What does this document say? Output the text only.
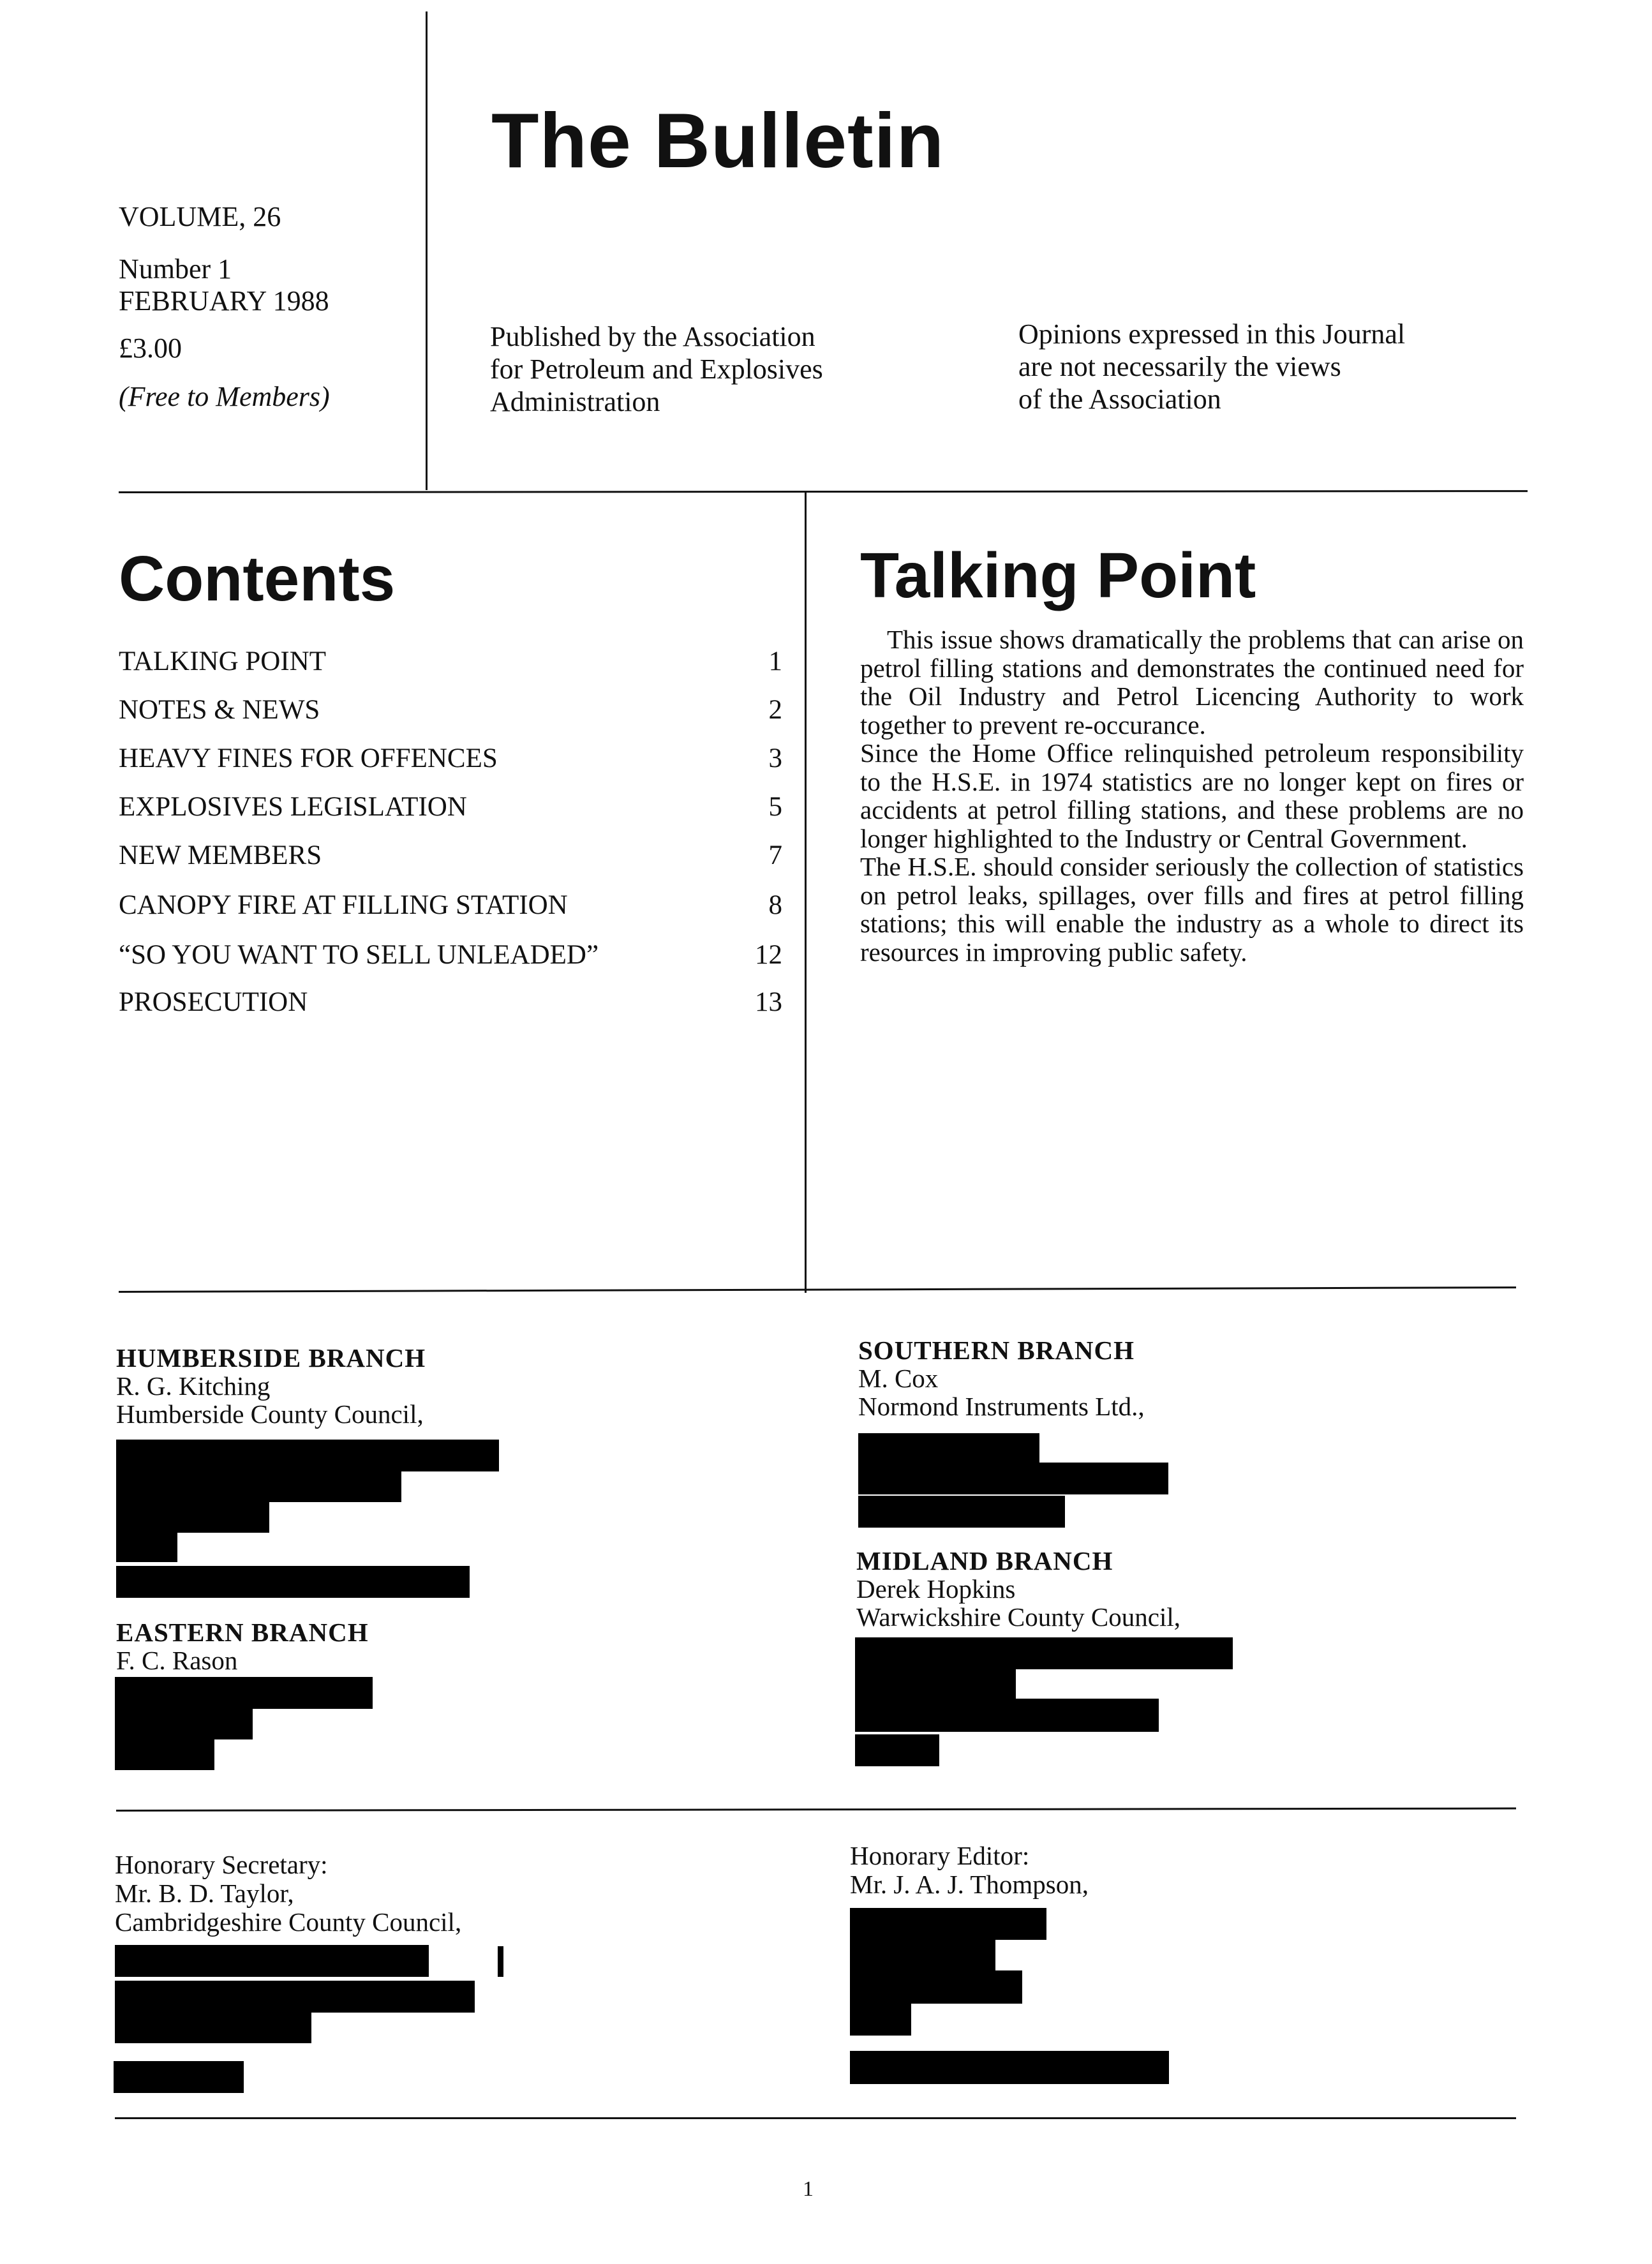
The Bulletin
VOLUME, 26
Number 1
FEBRUARY 1988
£3.00
(Free to Members)
Published by the Association
for Petroleum and Explosives
Administration
Opinions expressed in this Journal
are not necessarily the views
of the Association
Contents
TALKING POINT	1
NOTES & NEWS	2
HEAVY FINES FOR OFFENCES	3
EXPLOSIVES LEGISLATION	5
NEW MEMBERS	7
CANOPY FIRE AT FILLING STATION	8
“SO YOU WANT TO SELL UNLEADED”	12
PROSECUTION	13
Talking Point

This issue shows dramatically the problems that can arise on petrol filling stations and demonstrates the continued need for the Oil Industry and Petrol Licencing Authority to work together to prevent re-occurance.

Since the Home Office relinquished petroleum responsibility to the H.S.E. in 1974 statistics are no longer kept on fires or accidents at petrol filling stations, and these problems are no longer highlighted to the Industry or Central Government.

The H.S.E. should consider seriously the collection of statistics on petrol leaks, spillages, over fills and fires at petrol filling stations; this will enable the industry as a whole to direct its resources in improving public safety.

HUMBERSIDE BRANCH
R. G. Kitching
Humberside County Council,
EASTERN BRANCH
F. C. Rason
SOUTHERN BRANCH
M. Cox
Normond Instruments Ltd.,
MIDLAND BRANCH
Derek Hopkins
Warwickshire County Council,
Honorary Secretary:
Mr. B. D. Taylor,
Cambridgeshire County Council,
Honorary Editor:
Mr. J. A. J. Thompson,
1
